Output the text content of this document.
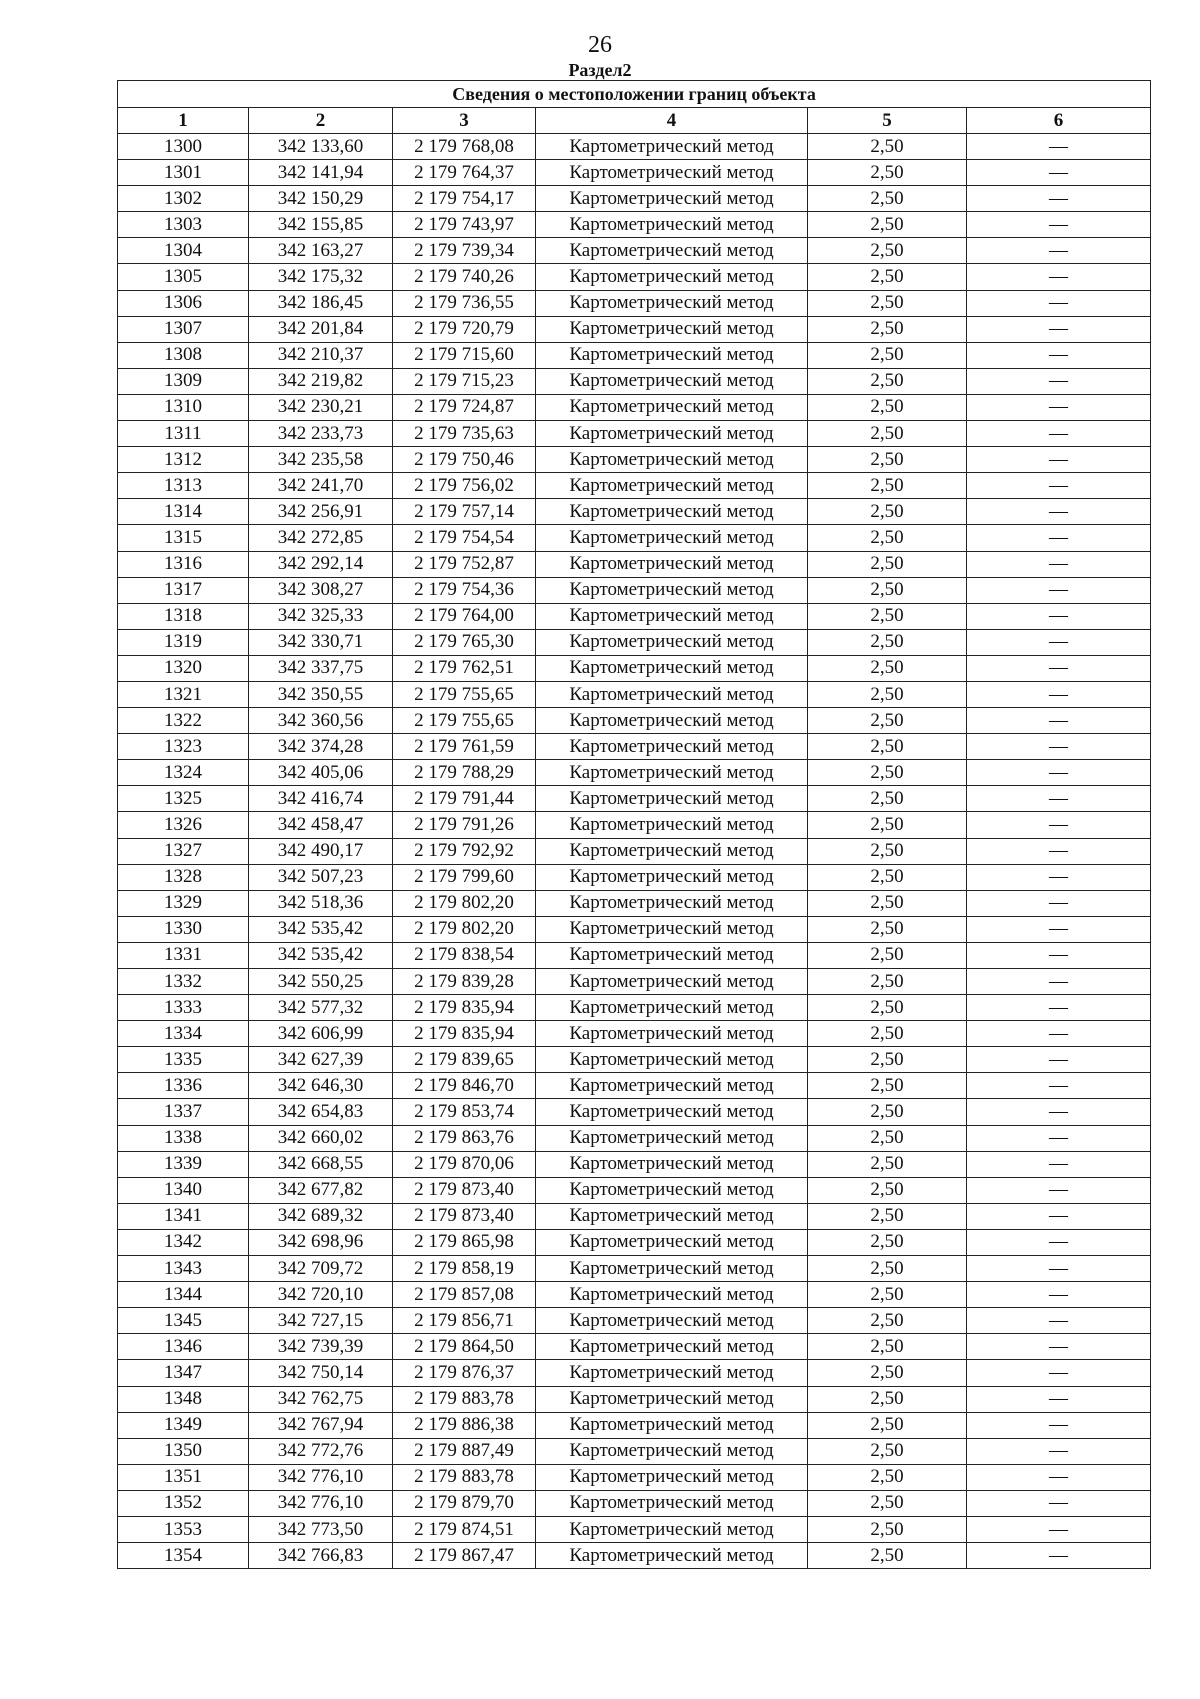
26
Раздел2
Сведения о местоположении границ объекта					
1	2	3	4	5	6
1300	342 133,60	2 179 768,08	Картометрический метод	2,50	—
1301	342 141,94	2 179 764,37	Картометрический метод	2,50	—
1302	342 150,29	2 179 754,17	Картометрический метод	2,50	—
1303	342 155,85	2 179 743,97	Картометрический метод	2,50	—
1304	342 163,27	2 179 739,34	Картометрический метод	2,50	—
1305	342 175,32	2 179 740,26	Картометрический метод	2,50	—
1306	342 186,45	2 179 736,55	Картометрический метод	2,50	—
1307	342 201,84	2 179 720,79	Картометрический метод	2,50	—
1308	342 210,37	2 179 715,60	Картометрический метод	2,50	—
1309	342 219,82	2 179 715,23	Картометрический метод	2,50	—
1310	342 230,21	2 179 724,87	Картометрический метод	2,50	—
1311	342 233,73	2 179 735,63	Картометрический метод	2,50	—
1312	342 235,58	2 179 750,46	Картометрический метод	2,50	—
1313	342 241,70	2 179 756,02	Картометрический метод	2,50	—
1314	342 256,91	2 179 757,14	Картометрический метод	2,50	—
1315	342 272,85	2 179 754,54	Картометрический метод	2,50	—
1316	342 292,14	2 179 752,87	Картометрический метод	2,50	—
1317	342 308,27	2 179 754,36	Картометрический метод	2,50	—
1318	342 325,33	2 179 764,00	Картометрический метод	2,50	—
1319	342 330,71	2 179 765,30	Картометрический метод	2,50	—
1320	342 337,75	2 179 762,51	Картометрический метод	2,50	—
1321	342 350,55	2 179 755,65	Картометрический метод	2,50	—
1322	342 360,56	2 179 755,65	Картометрический метод	2,50	—
1323	342 374,28	2 179 761,59	Картометрический метод	2,50	—
1324	342 405,06	2 179 788,29	Картометрический метод	2,50	—
1325	342 416,74	2 179 791,44	Картометрический метод	2,50	—
1326	342 458,47	2 179 791,26	Картометрический метод	2,50	—
1327	342 490,17	2 179 792,92	Картометрический метод	2,50	—
1328	342 507,23	2 179 799,60	Картометрический метод	2,50	—
1329	342 518,36	2 179 802,20	Картометрический метод	2,50	—
1330	342 535,42	2 179 802,20	Картометрический метод	2,50	—
1331	342 535,42	2 179 838,54	Картометрический метод	2,50	—
1332	342 550,25	2 179 839,28	Картометрический метод	2,50	—
1333	342 577,32	2 179 835,94	Картометрический метод	2,50	—
1334	342 606,99	2 179 835,94	Картометрический метод	2,50	—
1335	342 627,39	2 179 839,65	Картометрический метод	2,50	—
1336	342 646,30	2 179 846,70	Картометрический метод	2,50	—
1337	342 654,83	2 179 853,74	Картометрический метод	2,50	—
1338	342 660,02	2 179 863,76	Картометрический метод	2,50	—
1339	342 668,55	2 179 870,06	Картометрический метод	2,50	—
1340	342 677,82	2 179 873,40	Картометрический метод	2,50	—
1341	342 689,32	2 179 873,40	Картометрический метод	2,50	—
1342	342 698,96	2 179 865,98	Картометрический метод	2,50	—
1343	342 709,72	2 179 858,19	Картометрический метод	2,50	—
1344	342 720,10	2 179 857,08	Картометрический метод	2,50	—
1345	342 727,15	2 179 856,71	Картометрический метод	2,50	—
1346	342 739,39	2 179 864,50	Картометрический метод	2,50	—
1347	342 750,14	2 179 876,37	Картометрический метод	2,50	—
1348	342 762,75	2 179 883,78	Картометрический метод	2,50	—
1349	342 767,94	2 179 886,38	Картометрический метод	2,50	—
1350	342 772,76	2 179 887,49	Картометрический метод	2,50	—
1351	342 776,10	2 179 883,78	Картометрический метод	2,50	—
1352	342 776,10	2 179 879,70	Картометрический метод	2,50	—
1353	342 773,50	2 179 874,51	Картометрический метод	2,50	—
1354	342 766,83	2 179 867,47	Картометрический метод	2,50	—
